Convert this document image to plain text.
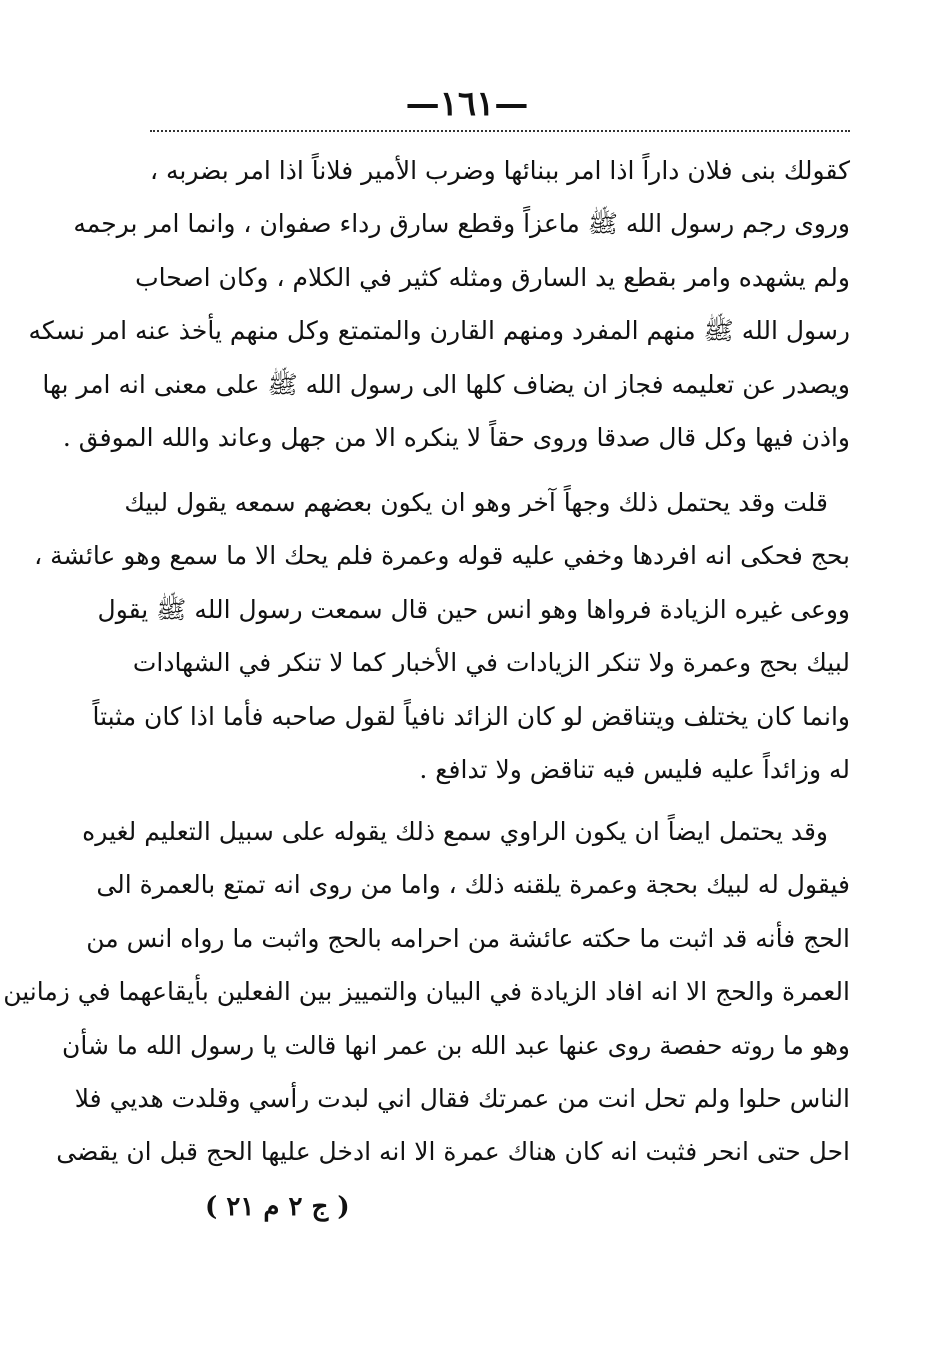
—١٦١—
كقولك بنى فلان داراً اذا امر ببنائها وضرب الأمير فلاناً اذا امر بضربه ،
وروى رجم رسول الله ﷺ ماعزاً وقطع سارق رداء صفوان ، وانما امر برجمه
ولم يشهده وامر بقطع يد السارق ومثله كثير في الكلام ، وكان اصحاب
رسول الله ﷺ منهم المفرد ومنهم القارن والمتمتع وكل منهم يأخذ عنه امر نسكه
ويصدر عن تعليمه فجاز ان يضاف كلها الى رسول الله ﷺ على معنى انه امر بها
واذن فيها وكل قال صدقا وروى حقاً لا ينكره الا من جهل وعاند والله الموفق .
قلت وقد يحتمل ذلك وجهاً آخر وهو ان يكون بعضهم سمعه يقول لبيك
بحج فحكى انه افردها وخفي عليه قوله وعمرة فلم يحك الا ما سمع وهو عائشة ،
ووعى غيره الزيادة فرواها وهو انس حين قال سمعت رسول الله ﷺ يقول
لبيك بحج وعمرة ولا تنكر الزيادات في الأخبار كما لا تنكر في الشهادات
وانما كان يختلف ويتناقض لو كان الزائد نافياً لقول صاحبه فأما اذا كان مثبتاً
له وزائداً عليه فليس فيه تناقض ولا تدافع .
وقد يحتمل ايضاً ان يكون الراوي سمع ذلك يقوله على سبيل التعليم لغيره
فيقول له لبيك بحجة وعمرة يلقنه ذلك ، واما من روى انه تمتع بالعمرة الى
الحج فأنه قد اثبت ما حكته عائشة من احرامه بالحج واثبت ما رواه انس من
العمرة والحج الا انه افاد الزيادة في البيان والتمييز بين الفعلين بأيقاعهما في زمانين
وهو ما روته حفصة روى عنها عبد الله بن عمر انها قالت يا رسول الله ما شأن
الناس حلوا ولم تحل انت من عمرتك فقال اني لبدت رأسي وقلدت هديي فلا
احل حتى انحر فثبت انه كان هناك عمرة الا انه ادخل عليها الحج قبل ان يقضى
( ج ٢ م ٢١ )
